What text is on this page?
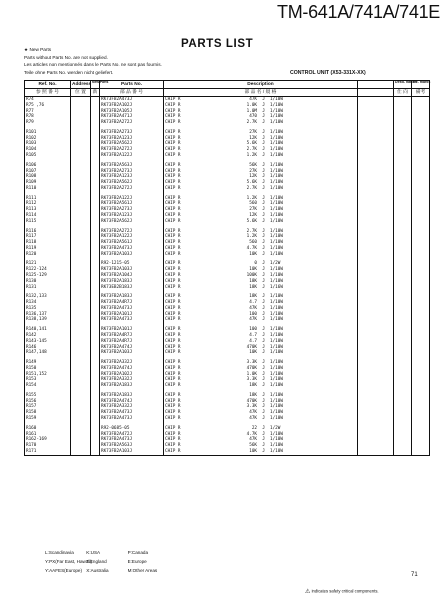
TM-641A/741A/741E
PARTS LIST
★ New Parts
Parts without Parts No. are not supplied.
Les articles non mentionnés dans le Parts No. ne sont pas fournis.
Teile ohne Parts No. werden nicht geliefert.	CONTROL UNIT (X53-331X-XX)
Ref. No.	Address	New Parts	Parts No.	Description		Desti- nation	Re- marks
参 照 番 号	位 置	新	部 品 番 号	部 品 名 / 規 格		仕 向	備考
R74			RK73FB2A473J	CHIP R 47K J 1/10W			
R75 ,76			RK73FB2A102J	CHIP R 1.0K J 1/10W			
R77			RK73FB2A105J	CHIP R 1.0M J 1/10W			
R78			RK73FB2A471J	CHIP R 470 J 1/10W			
R79			RK73FB2A272J	CHIP R 2.7K J 1/10W			

R101			RK73FB2A273J	CHIP R 27K J 1/10W			
R102			RK73FB2A123J	CHIP R 12K J 1/10W			
R103			RK73FB2A562J	CHIP R 5.6K J 1/10W			
R104			RK73FB2A272J	CHIP R 2.7K J 1/10W			
R105			RK73FB2A122J	CHIP R 1.2K J 1/10W			

R106			RK73FB2A563J	CHIP R 56K J 1/10W			
R107			RK73FB2A273J	CHIP R 27K J 1/10W			
R108			RK73FB2A123J	CHIP R 12K J 1/10W			
R109			RK73FB2A562J	CHIP R 5.6K J 1/10W			
R110			RK73FB2A272J	CHIP R 2.7K J 1/10W			

R111			RK73FB2A122J	CHIP R 1.2K J 1/10W			
R112			RK73FB2A561J	CHIP R 560 J 1/10W			
R113			RK73FB2A273J	CHIP R 27K J 1/10W			
R114			RK73FB2A123J	CHIP R 12K J 1/10W			
R115			RK73FB2A562J	CHIP R 5.6K J 1/10W			

R116			RK73FB2A272J	CHIP R 2.7K J 1/10W			
R117			RK73FB2A122J	CHIP R 1.2K J 1/10W			
R118			RK73FB2A561J	CHIP R 560 J 1/10W			
R119			RK73FB2A473J	CHIP R 4.7K J 1/10W			
R120			RK73FB2A103J	CHIP R 10K J 1/10W			

R121			R92-1215-05	CHIP R 0 J 1/2W			
R122-124			RK73FB2A103J	CHIP R 10K J 1/10W			
R125-129			RK73FB2A104J	CHIP R 100K J 1/10W			
R130			RK73FB2A183J	CHIP R 18K J 1/10W			
R131			RK73EB2B183J	CHIP R 18K J 1/16W			

R132,133			RK73FB2A183J	CHIP R 18K J 1/10W			
R134			RK73FB2A4R7J	CHIP R 4.7 J 1/10W			
R135			RK73FB2A473J	CHIP R 47K J 1/10W			
R136,137			RK73FB2A101J	CHIP R 100 J 1/10W			
R138,139			RK73FB2A473J	CHIP R 47K J 1/10W			

R140,141			RK73FB2A101J	CHIP R 100 J 1/10W			
R142			RK73FB2A4R7J	CHIP R 4.7 J 1/10W			
R143-145			RK73FB2A4R7J	CHIP R 4.7 J 1/10W			
R146			RK73FB2A474J	CHIP R 470K J 1/10W			
R147,148			RK73FB2A103J	CHIP R 10K J 1/10W			

R149			RK73FB2A332J	CHIP R 3.3K J 1/10W			
R150			RK73FB2A474J	CHIP R 470K J 1/10W			
R151,152			RK73FB2A102J	CHIP R 1.0K J 1/10W			
R153			RK73FB2A332J	CHIP R 3.3K J 1/10W			
R154			RK73FB2A183J	CHIP R 18K J 1/10W			

R155			RK73FB2A183J	CHIP R 18K J 1/10W			
R156			RK73FB2A474J	CHIP R 470K J 1/10W			
R157			RK73FB2A332J	CHIP R 3.3K J 1/10W			
R158			RK73FB2A473J	CHIP R 47K J 1/10W			
R159			RK73FB2A473J	CHIP R 47K J 1/10W			

R160			R92-0685-05	CHIP R 22 J 1/2W			
R161			RK73FB2A472J	CHIP R 4.7K J 1/10W			
R162-169			RK73FB2A473J	CHIP R 47K J 1/10W			
R170			RK73FB2A563J	CHIP R 56K J 1/10W			
R171			RK73FB2A103J	CHIP R 10K J 1/10W			
L:Scandinavia	K:USA	P:Canada
Y:PX(Far East, Hawaii) T:England	E:Europe
Y:AAFES(Europe) X:Australia	M:Other Areas
71
⚠ indicates safety critical components.
